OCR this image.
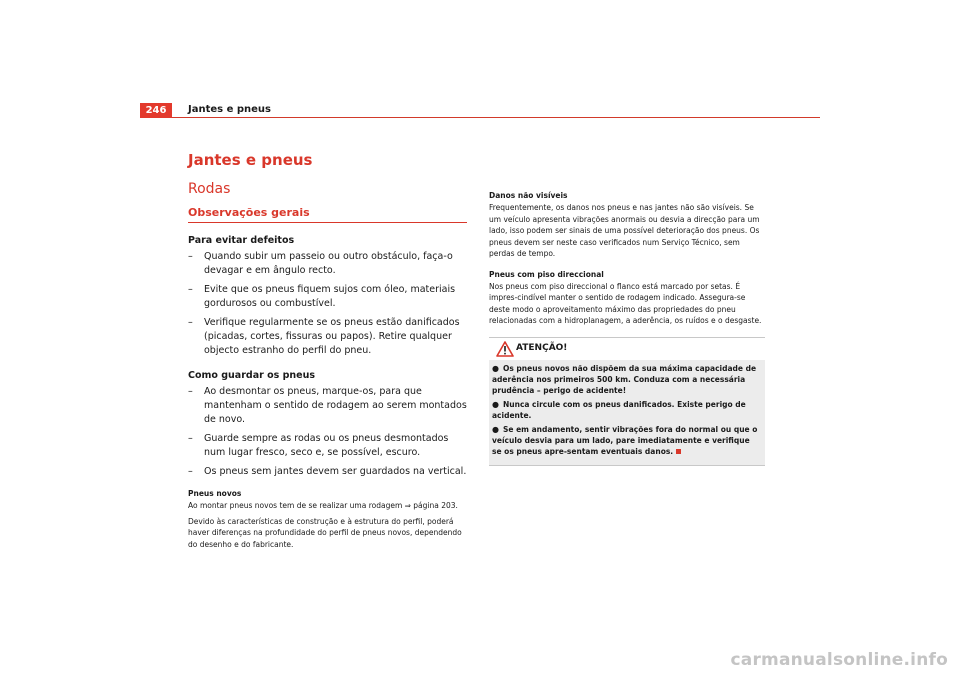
246	Jantes e pneus
Jantes e pneus
Rodas
Observações gerais
Para evitar defeitos
– Quando subir um passeio ou outro obstáculo, faça-o devagar e em ângulo recto.
– Evite que os pneus fiquem sujos com óleo, materiais gordurosos ou combustível.
– Verifique regularmente se os pneus estão danificados (picadas, cortes, fissuras ou papos). Retire qualquer objecto estranho do perfil do pneu.
Como guardar os pneus
– Ao desmontar os pneus, marque-os, para que mantenham o sentido de rodagem ao serem montados de novo.
– Guarde sempre as rodas ou os pneus desmontados num lugar fresco, seco e, se possível, escuro.
– Os pneus sem jantes devem ser guardados na vertical.
Pneus novos

Ao montar pneus novos tem de se realizar uma rodagem ⇒ página 203.

Devido às características de construção e à estrutura do perfil, poderá haver diferenças na profundidade do perfil de pneus novos, dependendo do desenho e do fabricante.

Danos não visíveis

Frequentemente, os danos nos pneus e nas jantes não são visíveis. Se um veículo apresenta vibrações anormais ou desvia a direcção para um lado, isso podem ser sinais de uma possível deterioração dos pneus. Os pneus devem ser neste caso verificados num Serviço Técnico, sem perdas de tempo.

Pneus com piso direccional

Nos pneus com piso direccional o flanco está marcado por setas. É impres-cindível manter o sentido de rodagem indicado. Assegura-se deste modo o aproveitamento máximo das propriedades do pneu relacionadas com a hidroplanagem, a aderência, os ruídos e o desgaste.

ATENÇÃO!
● Os pneus novos não dispõem da sua máxima capacidade de aderência nos primeiros 500 km. Conduza com a necessária prudência – perigo de acidente!
● Nunca circule com os pneus danificados. Existe perigo de acidente.
● Se em andamento, sentir vibrações fora do normal ou que o veículo desvia para um lado, pare imediatamente e verifique se os pneus apre-sentam eventuais danos.
carmanualsonline.info
